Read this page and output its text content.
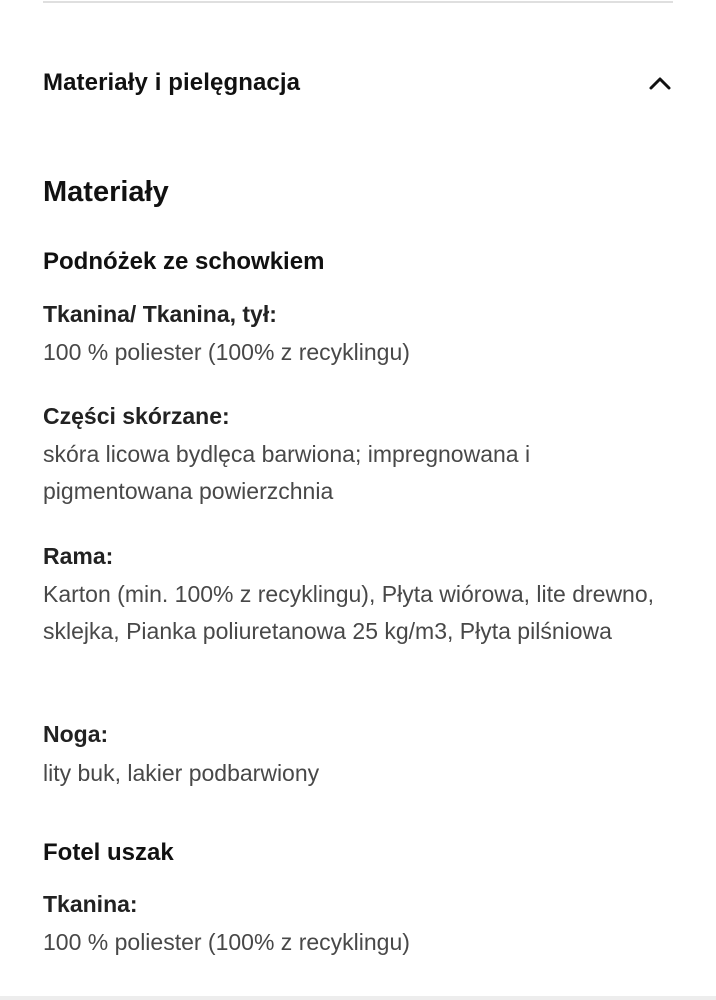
Materiały i pielęgnacja
Materiały
Podnóżek ze schowkiem
Tkanina/ Tkanina, tył:
100 % poliester (100% z recyklingu)
Części skórzane:
skóra licowa bydlęca barwiona; impregnowana i pigmentowana powierzchnia
Rama:
Karton (min. 100% z recyklingu), Płyta wiórowa, lite drewno, sklejka, Pianka poliuretanowa 25 kg/m3, Płyta pilśniowa
Noga:
lity buk, lakier podbarwiony
Fotel uszak
Tkanina:
100 % poliester (100% z recyklingu)
